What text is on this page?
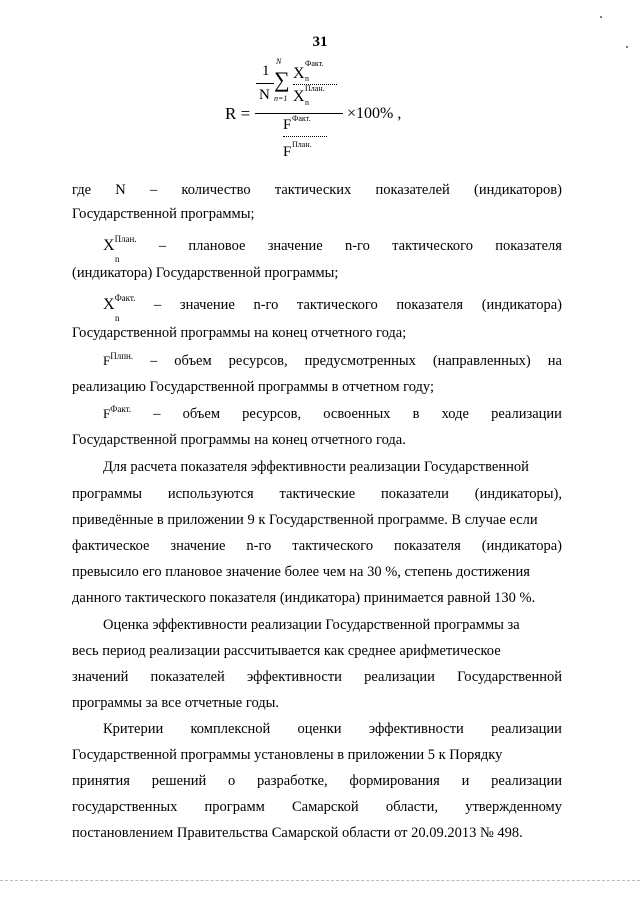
31
R =
1
N
N
∑
n=1
X
Факт.
n
X План.
n
F Факт.
F План.
×100% ,
где N – количество тактических показателей (индикаторов)
Государственной программы;
$X^{План.}$
n
– плановое значение n-го тактического показателя
(индикатора) Государственной программы;
$X^{Факт.}$
n
– значение n-го тактического показателя (индикатора)
Государственной программы на конец отчетного года;
$F^{Плпн.}$ – объем ресурсов, предусмотренных (направленных) на
реализацию Государственной программы в отчетном году;
$F^{Факт.}$ – объем ресурсов, освоенных в ходе реализации
Государственной программы на конец отчетного года.
Для расчета показателя эффективности реализации Государственной
программы используются тактические показатели (индикаторы),
приведённые в приложении 9 к Государственной программе. В случае если
фактическое значение n-го тактического показателя (индикатора)
превысило его плановое значение более чем на 30 %, степень достижения
данного тактического показателя (индикатора) принимается равной 130 %.
Оценка эффективности реализации Государственной программы за
весь период реализации рассчитывается как среднее арифметическое
значений показателей эффективности реализации Государственной
программы за все отчетные годы.
Критерии комплексной оценки эффективности реализации
Государственной программы установлены в приложении 5 к Порядку
принятия решений о разработке, формирования и реализации
государственных программ Самарской области, утвержденному
постановлением Правительства Самарской области от 20.09.2013 № 498.
